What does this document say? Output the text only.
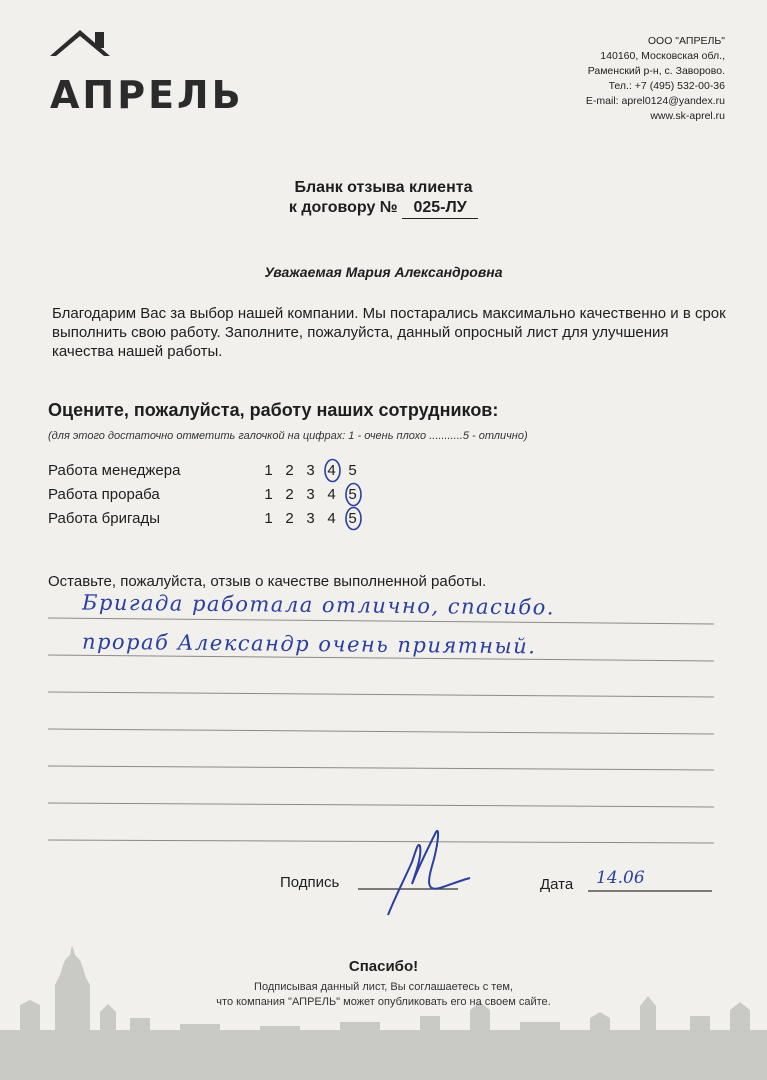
АПРЕЛЬ
ООО "АПРЕЛЬ"
140160, Московская обл.,
Раменский р-н, с. Заворово.
Тел.: +7 (495) 532-00-36
E-mail: aprel0124@yandex.ru
www.sk-aprel.ru
Бланк отзыва клиента
к договору № 025-ЛУ
Уважаемая Мария Александровна
Благодарим Вас за выбор нашей компании. Мы постарались максимально качественно и в срок выполнить свою работу. Заполните, пожалуйста, данный опросный лист для улучшения качества нашей работы.
Оцените, пожалуйста, работу наших сотрудников:
(для этого достаточно отметить галочкой на цифрах: 1 - очень плохо ...........5 - отлично)
Работа менеджера	1 2 3 4 5
Работа прораба	1 2 3 4 5
Работа бригады	1 2 3 4 5
Оставьте, пожалуйста, отзыв о качестве выполненной работы.
Бригада работала отлично, спасибо.
прораб Александр очень приятный.
Подпись	Дата 14.06
Спасибо!
Подписывая данный лист, Вы соглашаетесь с тем,
что компания "АПРЕЛЬ" может опубликовать его на своем сайте.
